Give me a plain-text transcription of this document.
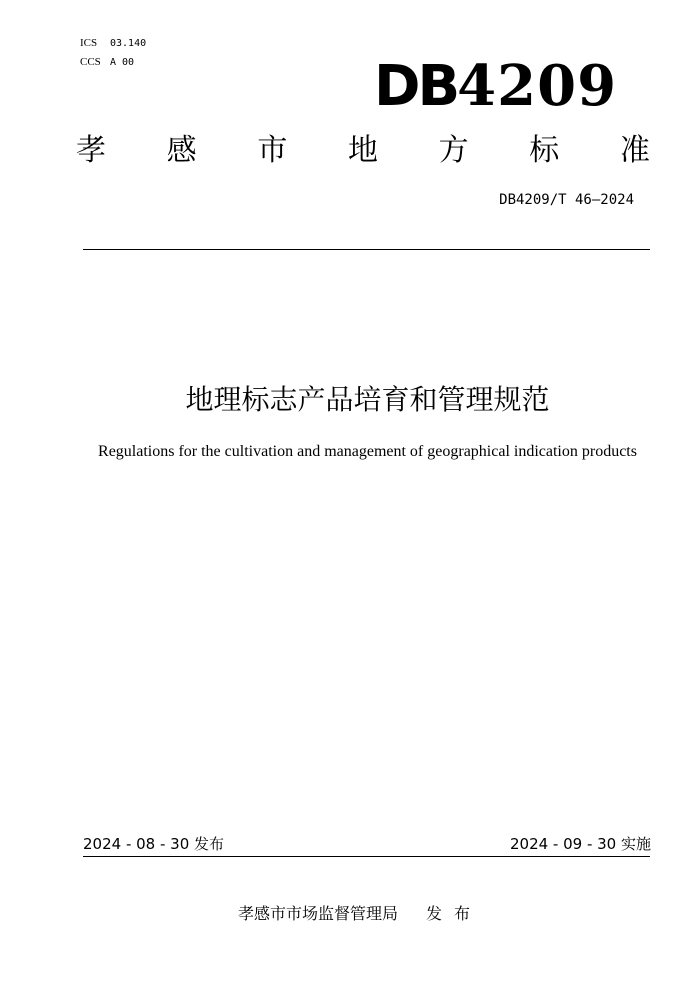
ICS 03.140
CCS A 00	DB4209
孝 感 市 地 方 标 准
DB4209/T 46—2024
地理标志产品培育和管理规范
Regulations for the cultivation and management of geographical indication products
2024 - 08 - 30 发布	2024 - 09 - 30 实施
孝感市市场监督管理局 发布
